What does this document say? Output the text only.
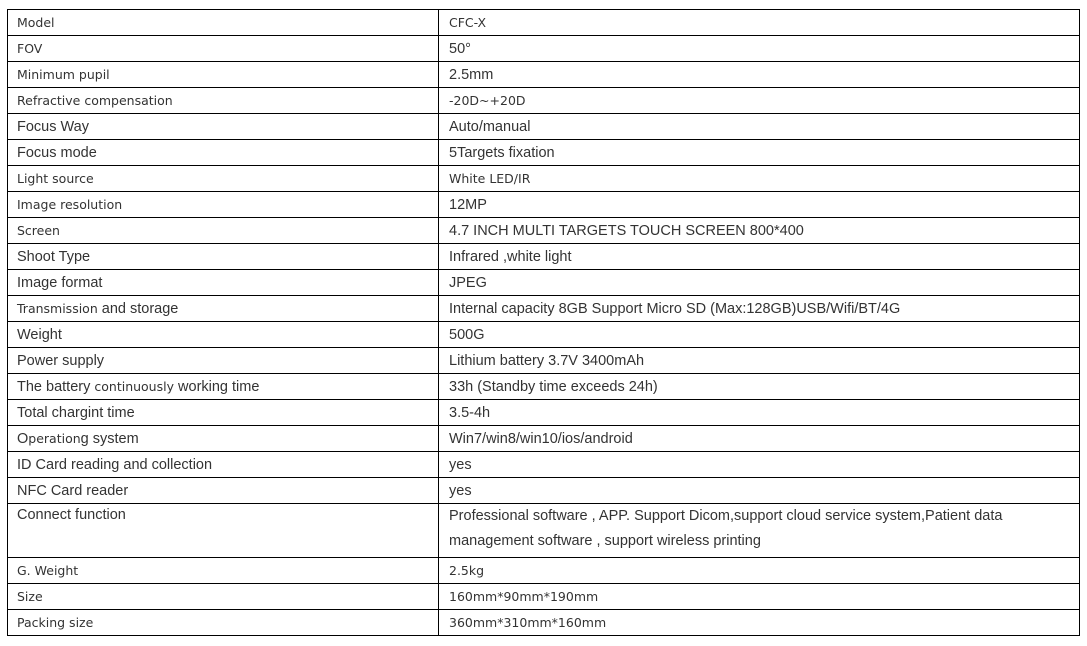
Model	CFC-X
FOV	50°
Minimum pupil	2.5mm
Refractive compensation	-20D~+20D
Focus Way	Auto/manual
Focus mode	5Targets fixation
Light source	White LED/IR
Image resolution	12MP
Screen	4.7 INCH MULTI TARGETS TOUCH SCREEN 800*400
Shoot Type	Infrared ,white light
Image format	JPEG
Transmission and storage	Internal capacity 8GB Support Micro SD (Max:128GB)USB/Wifi/BT/4G
Weight	500G
Power supply	Lithium battery 3.7V 3400mAh
The battery continuously working time	33h (Standby time exceeds 24h)
Total chargint time	3.5-4h
Operationg system	Win7/win8/win10/ios/android
ID Card reading and collection	yes
NFC Card reader	yes
Connect function	Professional software , APP. Support Dicom,support cloud service system,Patient data management software , support wireless printing
G. Weight	2.5kg
Size	160mm*90mm*190mm
Packing size	360mm*310mm*160mm
